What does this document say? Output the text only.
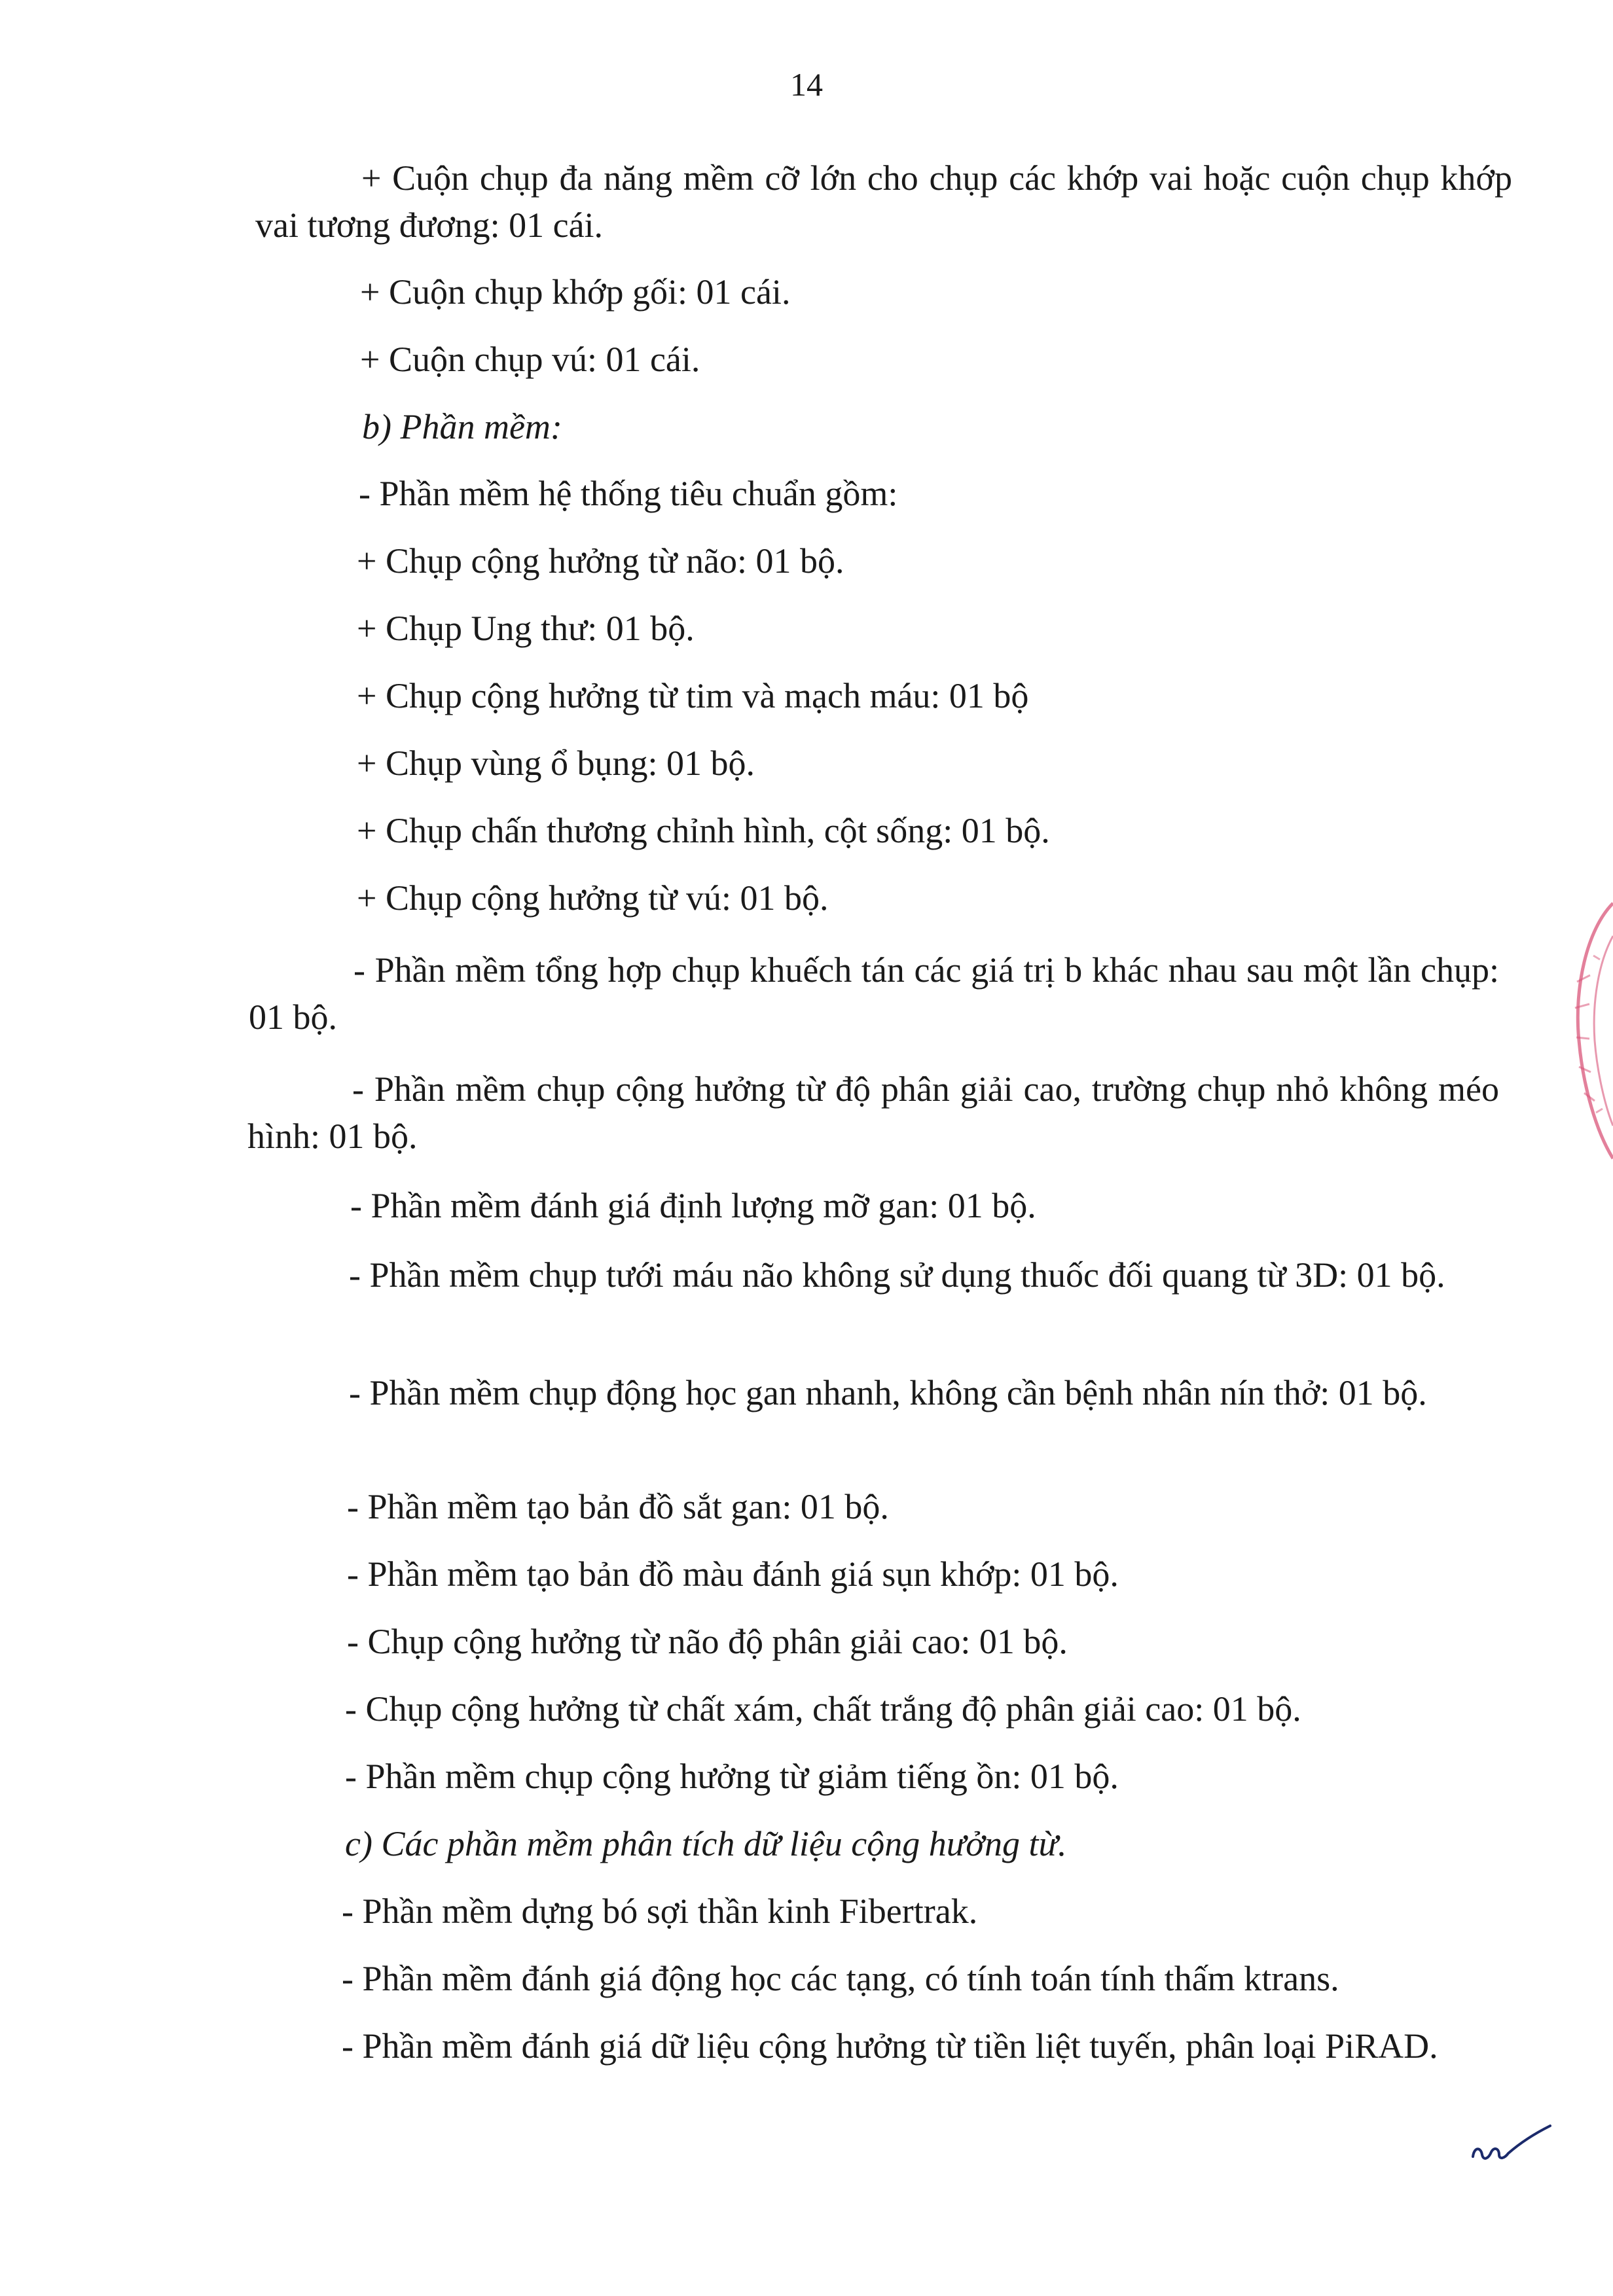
14
+ Cuộn chụp đa năng mềm cỡ lớn cho chụp các khớp vai hoặc cuộn chụp khớp vai tương đương: 01 cái.
+ Cuộn chụp khớp gối: 01 cái.
+ Cuộn chụp vú: 01 cái.
b) Phần mềm:
- Phần mềm hệ thống tiêu chuẩn gồm:
+ Chụp cộng hưởng từ não: 01 bộ.
+ Chụp Ung thư: 01 bộ.
+ Chụp cộng hưởng từ tim và mạch máu: 01 bộ
+ Chụp vùng ổ bụng: 01 bộ.
+ Chụp chấn thương chỉnh hình, cột sống: 01 bộ.
+ Chụp cộng hưởng từ vú: 01 bộ.
- Phần mềm tổng hợp chụp khuếch tán các giá trị b khác nhau sau một lần chụp: 01 bộ.
- Phần mềm chụp cộng hưởng từ độ phân giải cao, trường chụp nhỏ không méo hình: 01 bộ.
- Phần mềm đánh giá định lượng mỡ gan: 01 bộ.
- Phần mềm chụp tưới máu não không sử dụng thuốc đối quang từ 3D: 01 bộ.
- Phần mềm chụp động học gan nhanh, không cần bệnh nhân nín thở: 01 bộ.
- Phần mềm tạo bản đồ sắt gan: 01 bộ.
- Phần mềm tạo bản đồ màu đánh giá sụn khớp: 01 bộ.
- Chụp cộng hưởng từ não độ phân giải cao: 01 bộ.
- Chụp cộng hưởng từ chất xám, chất trắng độ phân giải cao: 01 bộ.
- Phần mềm chụp cộng hưởng từ giảm tiếng ồn: 01 bộ.
c) Các phần mềm phân tích dữ liệu cộng hưởng từ.
- Phần mềm dựng bó sợi thần kinh Fibertrak.
- Phần mềm đánh giá động học các tạng, có tính toán tính thấm ktrans.
- Phần mềm đánh giá dữ liệu cộng hưởng từ tiền liệt tuyến, phân loại PiRAD.
